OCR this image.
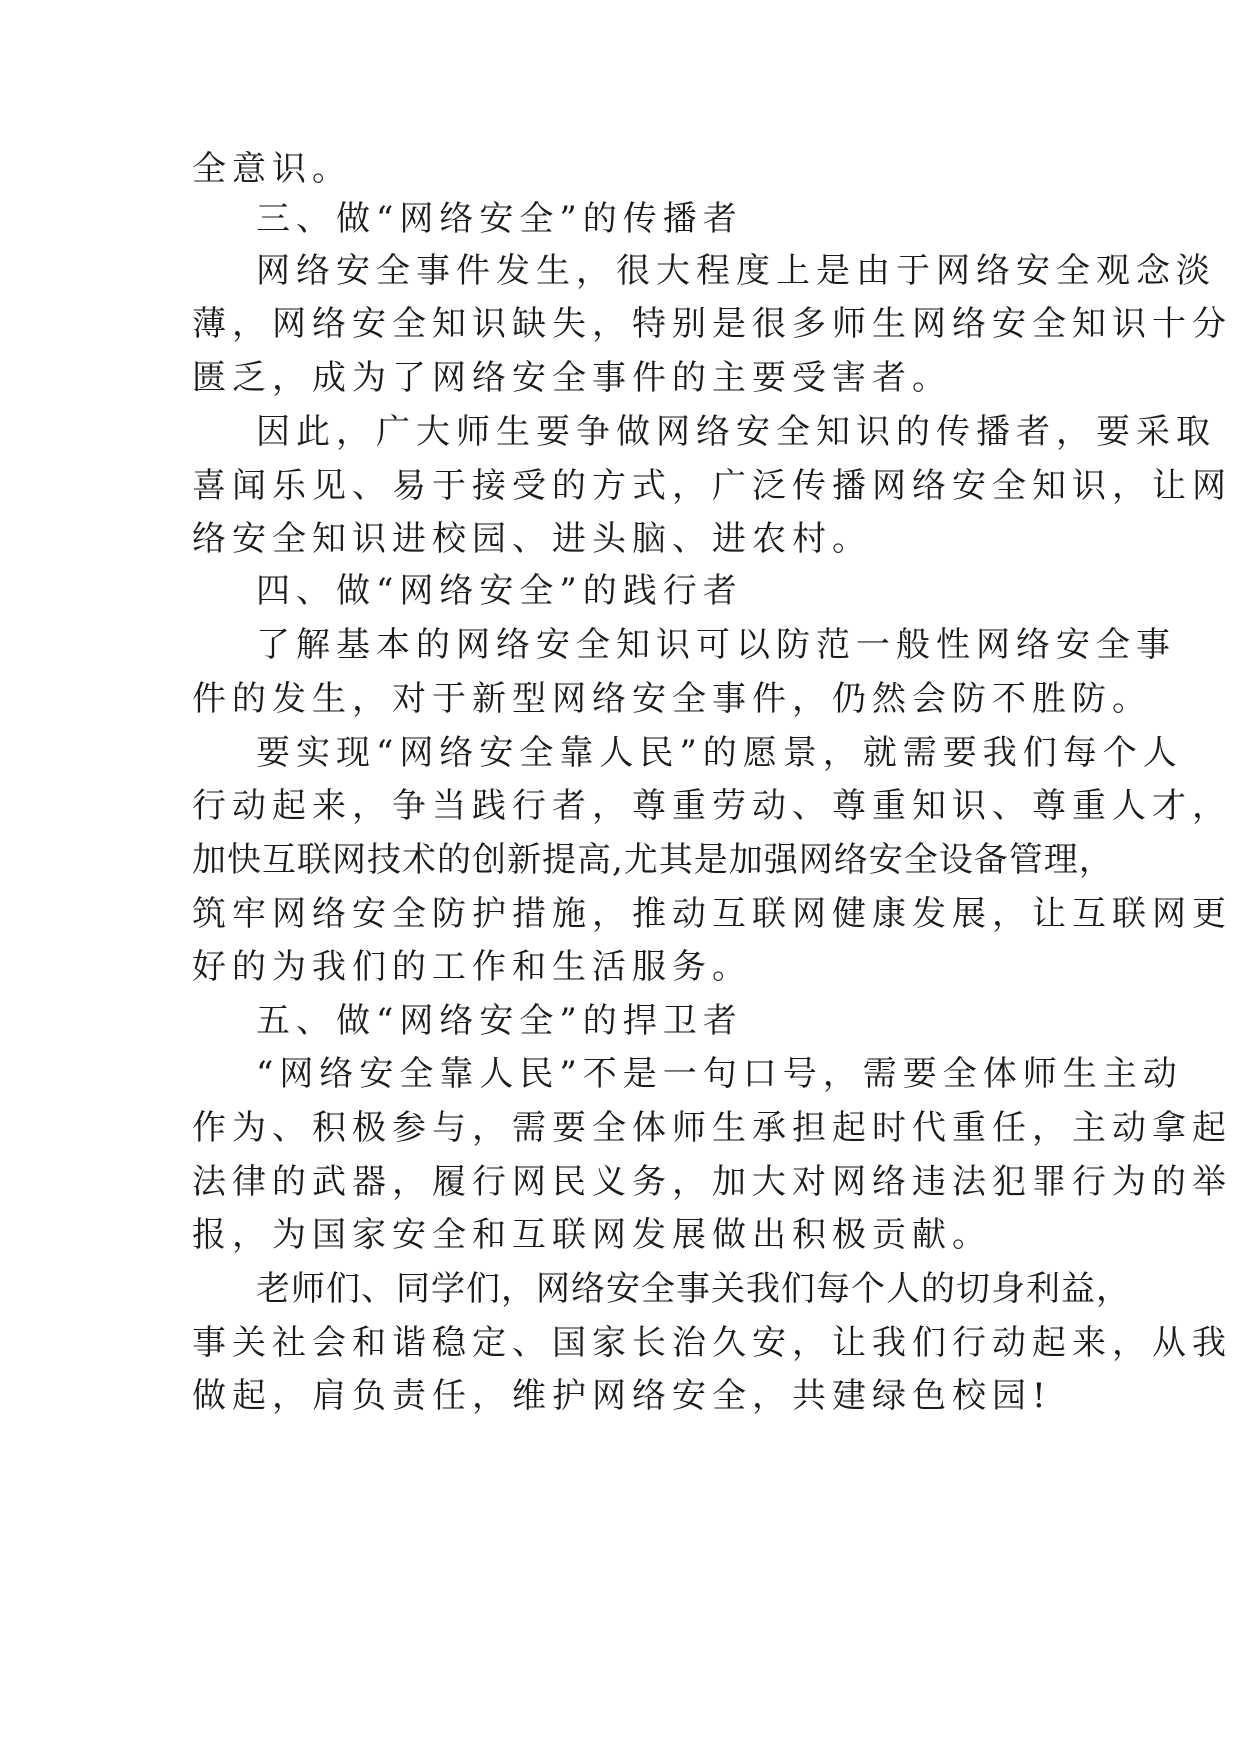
全意识。
三、做“网络安全”的传播者
网络安全事件发生，很大程度上是由于网络安全观念淡
薄，网络安全知识缺失，特别是很多师生网络安全知识十分
匮乏，成为了网络安全事件的主要受害者。
因此，广大师生要争做网络安全知识的传播者，要采取
喜闻乐见、易于接受的方式，广泛传播网络安全知识，让网
络安全知识进校园、进头脑、进农村。
四、做“网络安全”的践行者
了解基本的网络安全知识可以防范一般性网络安全事
件的发生，对于新型网络安全事件，仍然会防不胜防。
要实现“网络安全靠人民”的愿景，就需要我们每个人
行动起来，争当践行者，尊重劳动、尊重知识、尊重人才，
加快互联网技术的创新提高,尤其是加强网络安全设备管理，
筑牢网络安全防护措施，推动互联网健康发展，让互联网更
好的为我们的工作和生活服务。
五、做“网络安全”的捍卫者
“网络安全靠人民”不是一句口号，需要全体师生主动
作为、积极参与，需要全体师生承担起时代重任，主动拿起
法律的武器，履行网民义务，加大对网络违法犯罪行为的举
报，为国家安全和互联网发展做出积极贡献。
老师们、同学们，网络安全事关我们每个人的切身利益，
事关社会和谐稳定、国家长治久安，让我们行动起来，从我
做起，肩负责任，维护网络安全，共建绿色校园!
